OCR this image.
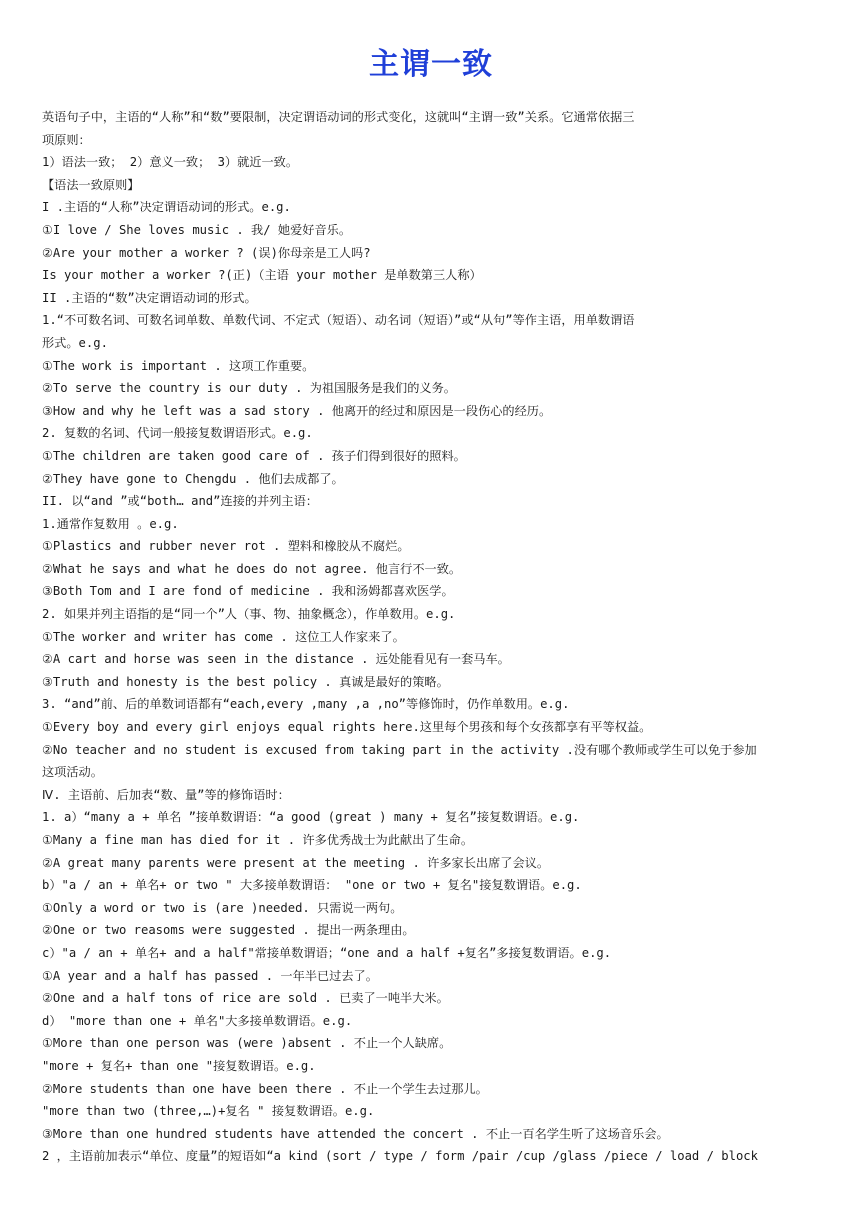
主谓一致
英语句子中，主语的“人称”和“数”要限制，决定谓语动词的形式变化，这就叫“主谓一致”关系。它通常依据三
项原则：
1）语法一致； 2）意义一致； 3）就近一致。
【语法一致原则】
I .主语的“人称”决定谓语动词的形式。e.g.
①I love / She loves music . 我/ 她爱好音乐。
②Are your mother a worker ? (误)你母亲是工人吗?
Is your mother a worker ?(正)（主语 your mother 是单数第三人称）
II .主语的“数”决定谓语动词的形式。
1.“不可数名词、可数名词单数、单数代词、不定式（短语）、动名词（短语）”或“从句”等作主语，用单数谓语
形式。e.g.
①The work is important . 这项工作重要。
②To serve the country is our duty . 为祖国服务是我们的义务。
③How and why he left was a sad story . 他离开的经过和原因是一段伤心的经历。
2. 复数的名词、代词一般接复数谓语形式。e.g.
①The children are taken good care of . 孩子们得到很好的照料。
②They have gone to Chengdu . 他们去成都了。
II. 以“and ”或“both… and”连接的并列主语：
1.通常作复数用 。e.g.
①Plastics and rubber never rot . 塑料和橡胶从不腐烂。
②What he says and what he does do not agree. 他言行不一致。
③Both Tom and I are fond of medicine . 我和汤姆都喜欢医学。
2. 如果并列主语指的是“同一个”人（事、物、抽象概念），作单数用。e.g.
①The worker and writer has come . 这位工人作家来了。
②A cart and horse was seen in the distance . 远处能看见有一套马车。
③Truth and honesty is the best policy . 真诚是最好的策略。
3. “and”前、后的单数词语都有“each,every ,many ,a ,no”等修饰时，仍作单数用。e.g.
①Every boy and every girl enjoys equal rights here.这里每个男孩和每个女孩都享有平等权益。
②No teacher and no student is excused from taking part in the activity .没有哪个教师或学生可以免于参加
这项活动。
Ⅳ. 主语前、后加表“数、量”等的修饰语时：
1. a）“many a + 单名 ”接单数谓语：“a good (great ) many + 复名”接复数谓语。e.g.
①Many a fine man has died for it . 许多优秀战士为此献出了生命。
②A great many parents were present at the meeting . 许多家长出席了会议。
b）"a / an + 单名+ or two " 大多接单数谓语： "one or two + 复名"接复数谓语。e.g.
①Only a word or two is (are )needed. 只需说一两句。
②One or two reasoms were suggested . 提出一两条理由。
c）"a / an + 单名+ and a half"常接单数谓语；“one and a half +复名”多接复数谓语。e.g.
①A year and a half has passed . 一年半已过去了。
②One and a half tons of rice are sold . 已卖了一吨半大米。
d） "more than one + 单名"大多接单数谓语。e.g.
①More than one person was (were )absent . 不止一个人缺席。
"more + 复名+ than one "接复数谓语。e.g.
②More students than one have been there . 不止一个学生去过那儿。
"more than two (three,…)+复名 " 接复数谓语。e.g.
③More than one hundred students have attended the concert . 不止一百名学生听了这场音乐会。
2 ，主语前加表示“单位、度量”的短语如“a kind (sort / type / form /pair /cup /glass /piece / load / block
